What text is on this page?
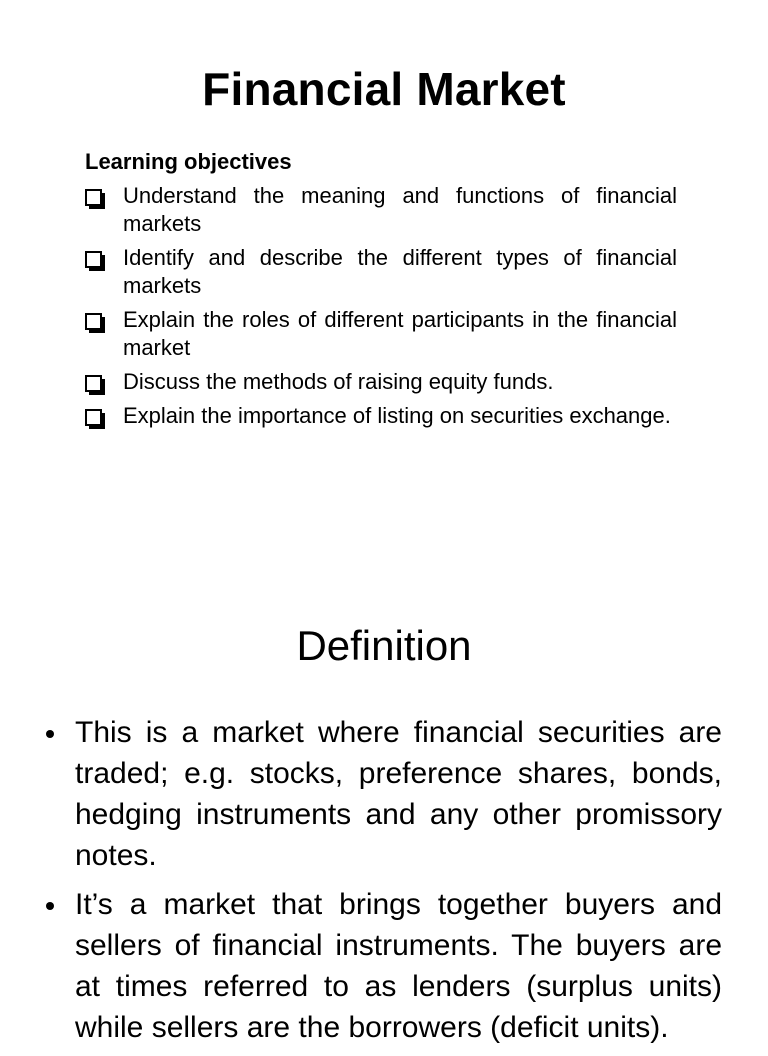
Financial Market
Learning objectives
Understand the meaning and functions of financial markets
Identify and describe the different types of financial markets
Explain the roles of different participants in the financial market
Discuss the methods of raising equity funds.
Explain the importance of listing on securities exchange.
Definition
This is a market where financial securities are traded; e.g. stocks, preference shares, bonds, hedging instruments and any other promissory notes.
It’s a market that brings together buyers and sellers of financial instruments. The buyers are at times referred to as lenders (surplus units) while sellers are the borrowers (deficit units).
